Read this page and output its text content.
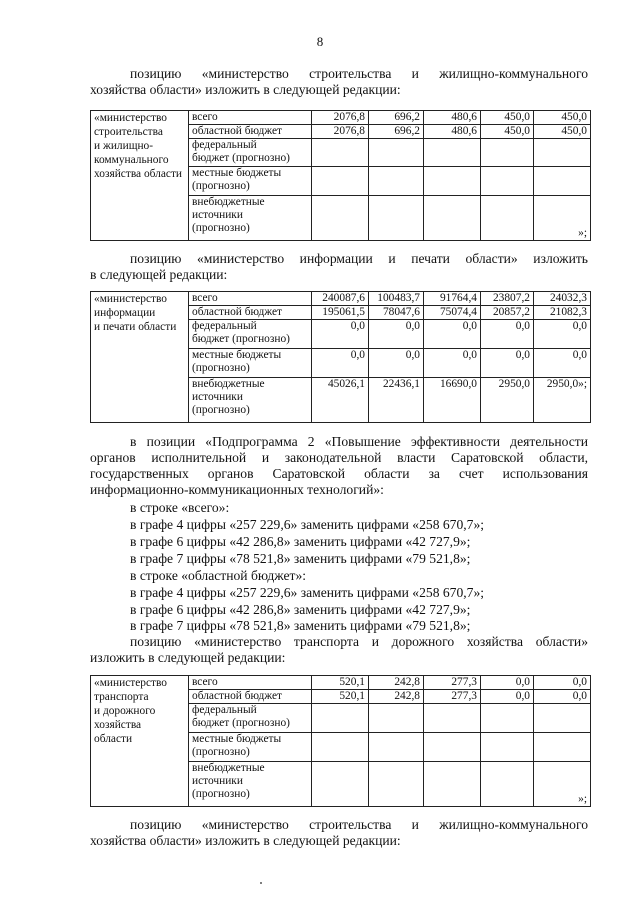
8
позицию «министерство строительства и жилищно-коммунального
хозяйства области» изложить в следующей редакции:
«министерство
строительства
и жилищно-
коммунального
хозяйства области	всего	2076,8	696,2	480,6	450,0	450,0

	областной бюджет	2076,8	696,2	480,6	450,0	450,0

	федеральный
бюджет (прогнозно)					

	местные бюджеты
(прогнозно)					

	внебюджетные
источники
(прогнозно)					»;
позицию «министерство информации и печати области» изложить
в следующей редакции:
«министерство
информации
и печати области	всего	240087,6	100483,7	91764,4	23807,2	24032,3

	областной бюджет	195061,5	78047,6	75074,4	20857,2	21082,3

	федеральный
бюджет (прогнозно)	0,0	0,0	0,0	0,0	0,0

	местные бюджеты
(прогнозно)	0,0	0,0	0,0	0,0	0,0

	внебюджетные
источники
(прогнозно)	45026,1	22436,1	16690,0	2950,0	2950,0»;
в позиции «Подпрограмма 2 «Повышение эффективности деятельности
органов исполнительной и законодательной власти Саратовской области,
государственных органов Саратовской области за счет использования
информационно-коммуникационных технологий»:
в строке «всего»:
в графе 4 цифры «257 229,6» заменить цифрами «258 670,7»;
в графе 6 цифры «42 286,8» заменить цифрами «42 727,9»;
в графе 7 цифры «78 521,8» заменить цифрами «79 521,8»;
в строке «областной бюджет»:
в графе 4 цифры «257 229,6» заменить цифрами «258 670,7»;
в графе 6 цифры «42 286,8» заменить цифрами «42 727,9»;
в графе 7 цифры «78 521,8» заменить цифрами «79 521,8»;
позицию «министерство транспорта и дорожного хозяйства области»
изложить в следующей редакции:
«министерство
транспорта
и дорожного
хозяйства
области	всего	520,1	242,8	277,3	0,0	0,0

	областной бюджет	520,1	242,8	277,3	0,0	0,0

	федеральный
бюджет (прогнозно)					

	местные бюджеты
(прогнозно)					

	внебюджетные
источники
(прогнозно)					»;
позицию «министерство строительства и жилищно-коммунального
хозяйства области» изложить в следующей редакции:
